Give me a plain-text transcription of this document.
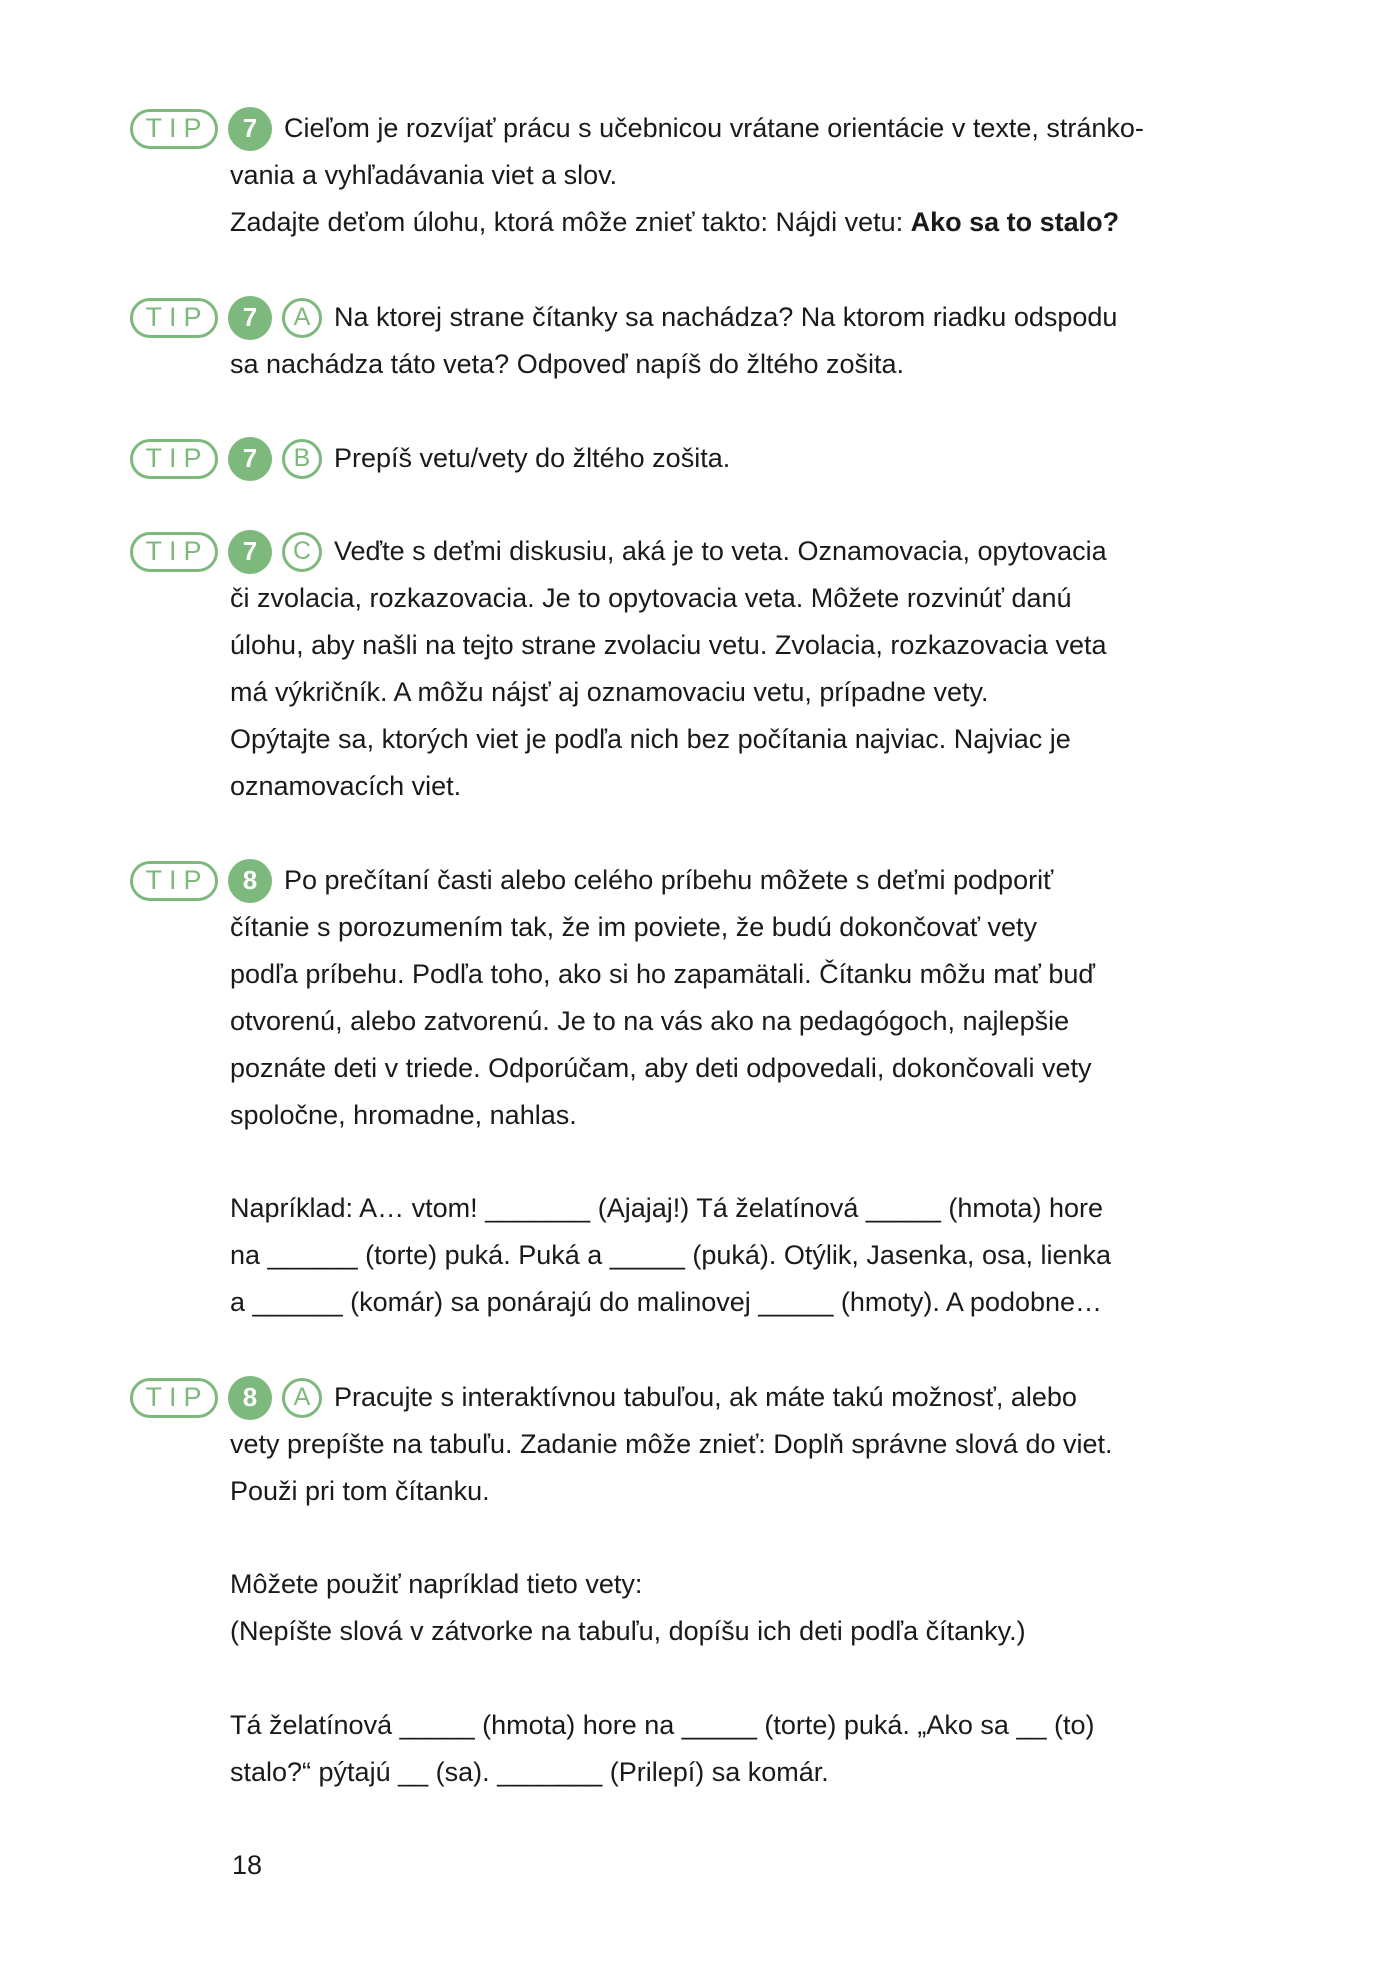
TIP	7 Cieľom je rozvíjať prácu s učebnicou vrátane orientácie v texte, stránko-
vania a vyhľadávania viet a slov.
Zadajte deťom úlohu, ktorá môže znieť takto: Nájdi vetu: Ako sa to stalo?
TIP	7	A Na ktorej strane čítanky sa nachádza? Na ktorom riadku odspodu
sa nachádza táto veta? Odpoveď napíš do žltého zošita.
TIP	7	B Prepíš vetu/vety do žltého zošita.
TIP	7	C Veďte s deťmi diskusiu, aká je to veta. Oznamovacia, opytovacia
či zvolacia, rozkazovacia. Je to opytovacia veta. Môžete rozvinúť danú
úlohu, aby našli na tejto strane zvolaciu vetu. Zvolacia, rozkazovacia veta
má výkričník. A môžu nájsť aj oznamovaciu vetu, prípadne vety.
Opýtajte sa, ktorých viet je podľa nich bez počítania najviac. Najviac je
oznamovacích viet.
TIP	8 Po prečítaní časti alebo celého príbehu môžete s deťmi podporiť
čítanie s porozumením tak, že im poviete, že budú dokončovať vety
podľa príbehu. Podľa toho, ako si ho zapamätali. Čítanku môžu mať buď
otvorenú, alebo zatvorenú. Je to na vás ako na pedagógoch, najlepšie
poznáte deti v triede. Odporúčam, aby deti odpovedali, dokončovali vety
spoločne, hromadne, nahlas.
Napríklad: A… vtom! _______ (Ajajaj!) Tá želatínová _____ (hmota) hore
na ______ (torte) puká. Puká a _____ (puká). Otýlik, Jasenka, osa, lienka
a ______ (komár) sa ponárajú do malinovej _____ (hmoty). A podobne…
TIP	8	A Pracujte s interaktívnou tabuľou, ak máte takú možnosť, alebo
vety prepíšte na tabuľu. Zadanie môže znieť: Doplň správne slová do viet.
Použi pri tom čítanku.
Môžete použiť napríklad tieto vety:
(Nepíšte slová v zátvorke na tabuľu, dopíšu ich deti podľa čítanky.)
Tá želatínová _____ (hmota) hore na _____ (torte) puká. „Ako sa __ (to)
stalo?“ pýtajú __ (sa). _______ (Prilepí) sa komár.
18
